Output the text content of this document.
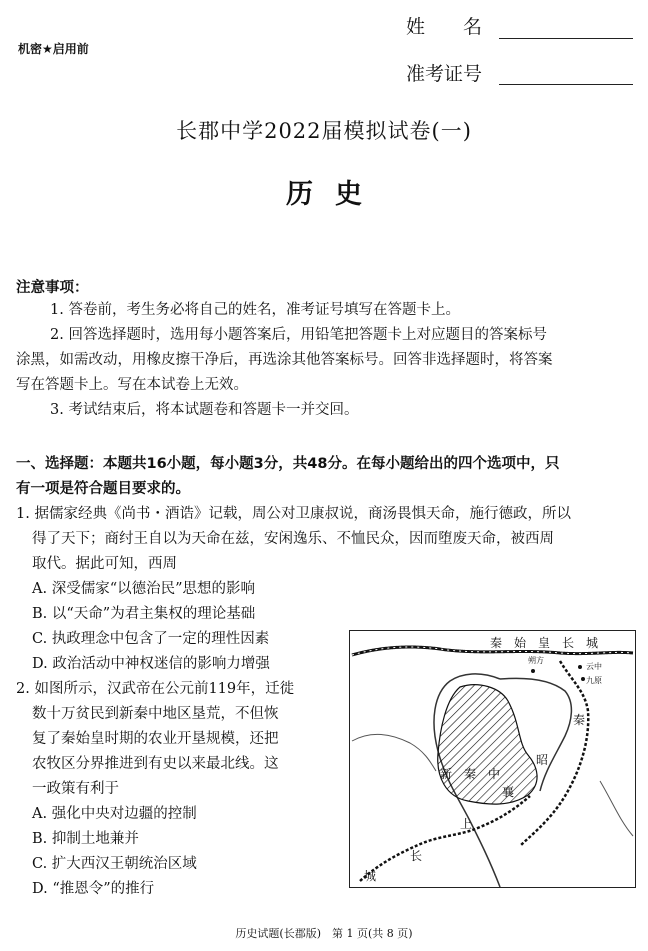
机密★启用前
姓　　名
准考证号
长郡中学2022届模拟试卷(一)
历史
注意事项：
1. 答卷前，考生务必将自己的姓名，准考证号填写在答题卡上。
2. 回答选择题时，选用每小题答案后，用铅笔把答题卡上对应题目的答案标号
涂黑，如需改动，用橡皮擦干净后，再选涂其他答案标号。回答非选择题时，将答案
写在答题卡上。写在本试卷上无效。
3. 考试结束后，将本试题卷和答题卡一并交回。
一、选择题：本题共16小题，每小题3分，共48分。在每小题给出的四个选项中，只
有一项是符合题目要求的。
1. 据儒家经典《尚书・酒诰》记载，周公对卫康叔说，商汤畏惧天命，施行德政，所以
得了天下；商纣王自以为天命在兹，安闲逸乐、不恤民众，因而堕废天命，被西周
取代。据此可知，西周
A. 深受儒家“以德治民”思想的影响
B. 以“天命”为君主集权的理论基础
C. 执政理念中包含了一定的理性因素
D. 政治活动中神权迷信的影响力增强
2. 如图所示，汉武帝在公元前119年，迁徙
数十万贫民到新秦中地区垦荒，不但恢
复了秦始皇时期的农业开垦规模，还把
农牧区分界推进到有史以来最北线。这
一政策有利于
A. 强化中央对边疆的控制
B. 抑制土地兼并
C. 扩大西汉王朝统治区域
D. “推恩令”的推行
秦　始　皇　长　城
朔方
云中
九原
秦
昭
新　秦　中
襄
上
长
城
历史试题(长郡版)　第 1 页(共 8 页)
